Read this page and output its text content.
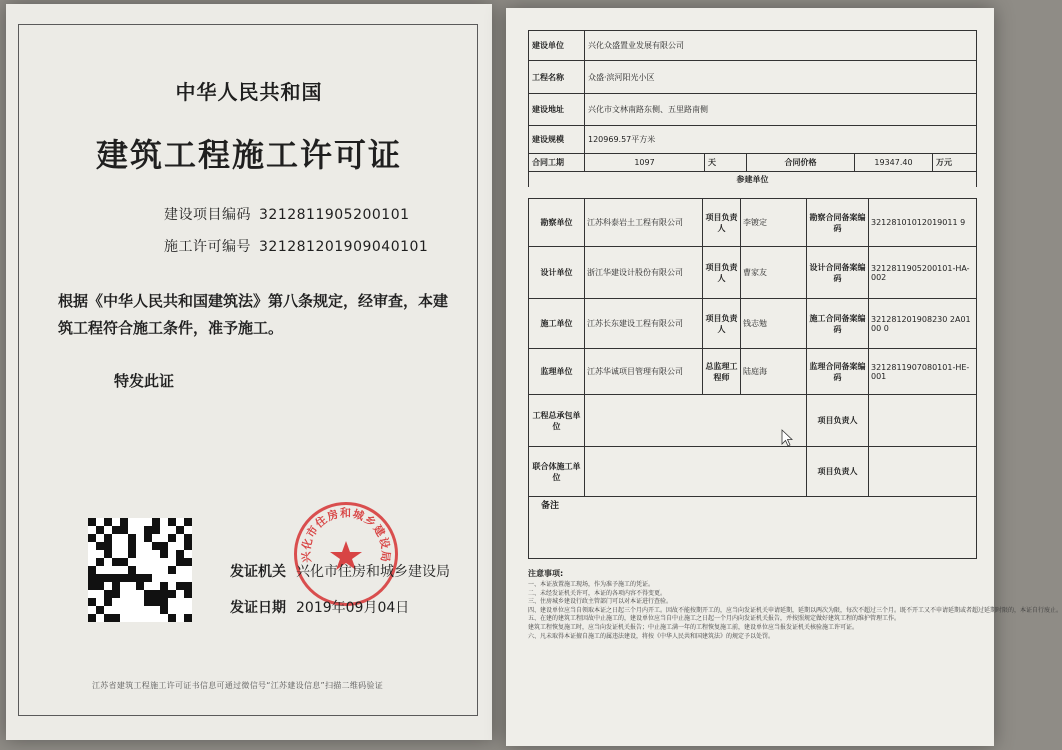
中华人民共和国
建筑工程施工许可证
建设项目编码 3212811905200101
施工许可编号 321281201909040101
根据《中华人民共和国建筑法》第八条规定，经审查，本建筑工程符合施工条件，准予施工。
特发此证
兴化市住房和城乡建设局
发证机关 兴化市住房和城乡建设局
发证日期 2019年09月04日
江苏省建筑工程施工许可证书信息可通过微信号“江苏建设信息”扫描二维码验证
建设单位	兴化众盛置业发展有限公司				
工程名称	众盛·滨河阳光小区				
建设地址	兴化市文林南路东侧、五里路南侧				
建设规模	120969.57平方米				
合同工期	1097	天	合同价格	19347.40	万元
参建单位					
勘察单位	江苏科泰岩土工程有限公司	项目负责人	李镀定	勘察合同备案编码	32128101012019011 9
设计单位	浙江华建设计股份有限公司	项目负责人	曹家友	设计合同备案编码	3212811905200101-HA-002
施工单位	江苏长东建设工程有限公司	项目负责人	钱志勉	施工合同备案编码	321281201908230 2A0100 0
监理单位	江苏华诚项目管理有限公司	总监理工程师	陆庭海	监理合同备案编码	3212811907080101-HE-001
工程总承包单位				项目负责人	
联合体施工单位				项目负责人	
备注					
注意事项:
一、本证放置施工现场，作为准予施工的凭证。
二、未经发证机关许可，本证的各项内容不得变更。
三、住房城乡建设行政主管部门可以对本证进行查验。
四、建设单位应当自领取本证之日起三个月内开工。因故不能按期开工的，应当向发证机关申请延期，延期以两次为限，每次不超过三个月。既不开工又不申请延期或者超过延期时限的，本证自行废止。
五、在建的建筑工程因故中止施工的，建设单位应当自中止施工之日起一个月内向发证机关报告，并按照规定做好建筑工程的维护管理工作。
建筑工程恢复施工时，应当向发证机关报告；中止施工满一年的工程恢复施工前，建设单位应当报发证机关核验施工许可证。
六、凡未取得本证擅自施工的属违法建设，将按《中华人民共和国建筑法》的规定予以处罚。
